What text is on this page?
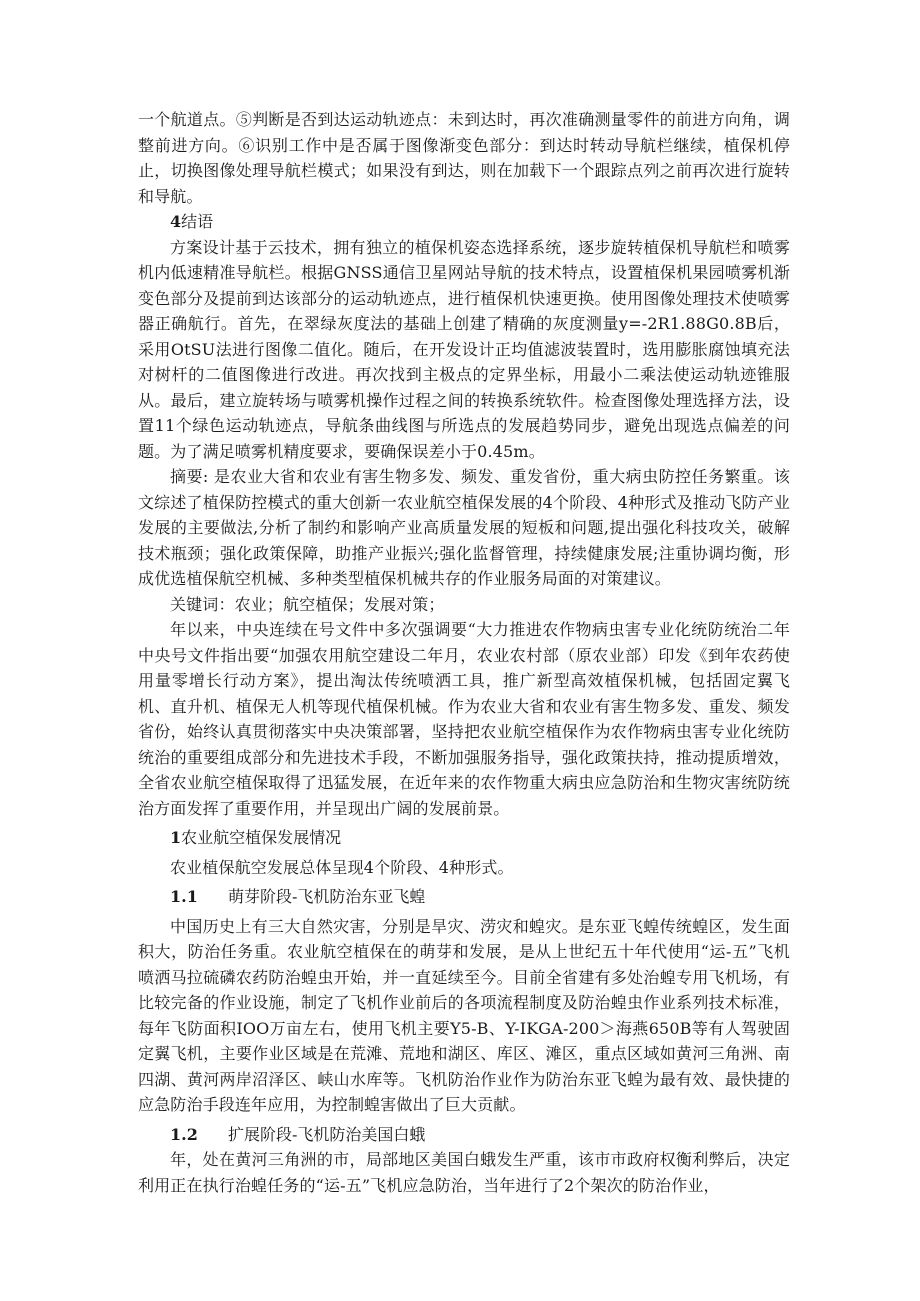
一个航道点。⑤判断是否到达运动轨迹点：未到达时，再次准确测量零件的前进方向角，调整前进方向。⑥识别工作中是否属于图像渐变色部分：到达时转动导航栏继续，植保机停止，切换图像处理导航栏模式；如果没有到达，则在加载下一个跟踪点列之前再次进行旋转和导航。

4结语

方案设计基于云技术，拥有独立的植保机姿态选择系统，逐步旋转植保机导航栏和喷雾机内低速精准导航栏。根据GNSS通信卫星网站导航的技术特点，设置植保机果园喷雾机渐变色部分及提前到达该部分的运动轨迹点，进行植保机快速更换。使用图像处理技术使喷雾器正确航行。首先，在翠绿灰度法的基础上创建了精确的灰度测量y=-2R1.88G0.8B后，采用OtSU法进行图像二值化。随后，在开发设计正均值滤波装置时，选用膨胀腐蚀填充法对树杆的二值图像进行改进。再次找到主极点的定界坐标，用最小二乘法使运动轨迹锥服从。最后，建立旋转场与喷雾机操作过程之间的转换系统软件。检查图像处理选择方法，设置11个绿色运动轨迹点，导航条曲线图与所选点的发展趋势同步，避免出现选点偏差的问题。为了满足喷雾机精度要求，要确保误差小于0.45m。

摘要: 是农业大省和农业有害生物多发、频发、重发省份，重大病虫防控任务繁重。该文综述了植保防控模式的重大创新一农业航空植保发展的4个阶段、4种形式及推动飞防产业发展的主要做法,分析了制约和影响产业高质量发展的短板和问题,提出强化科技攻关，破解技术瓶颈；强化政策保障，助推产业振兴;强化监督管理，持续健康发展;注重协调均衡，形成优选植保航空机械、多种类型植保机械共存的作业服务局面的对策建议。

关键词：农业；航空植保；发展对策；

年以来，中央连续在号文件中多次强调要“大力推进农作物病虫害专业化统防统治二年中央号文件指出要“加强农用航空建设二年月，农业农村部（原农业部）印发《到年农药使用量零增长行动方案》，提出淘汰传统喷洒工具，推广新型高效植保机械，包括固定翼飞机、直升机、植保无人机等现代植保机械。作为农业大省和农业有害生物多发、重发、频发省份，始终认真贯彻落实中央决策部署，坚持把农业航空植保作为农作物病虫害专业化统防统治的重要组成部分和先进技术手段，不断加强服务指导，强化政策扶持，推动提质增效，全省农业航空植保取得了迅猛发展，在近年来的农作物重大病虫应急防治和生物灾害统防统治方面发挥了重要作用，并呈现出广阔的发展前景。

1农业航空植保发展情况

农业植保航空发展总体呈现4个阶段、4种形式。

1.1 萌芽阶段-飞机防治东亚飞蝗

中国历史上有三大自然灾害，分别是旱灾、涝灾和蝗灾。是东亚飞蝗传统蝗区，发生面积大，防治任务重。农业航空植保在的萌芽和发展，是从上世纪五十年代使用“运-五”飞机喷洒马拉硫磷农药防治蝗虫开始，并一直延续至今。目前全省建有多处治蝗专用飞机场，有比较完备的作业设施，制定了飞机作业前后的各项流程制度及防治蝗虫作业系列技术标准，每年飞防面积IOO万亩左右，使用飞机主要Y5-B、Y-IKGA-200＞海燕650B等有人驾驶固定翼飞机，主要作业区域是在荒滩、荒地和湖区、库区、滩区，重点区域如黄河三角洲、南四湖、黄河两岸沼泽区、峡山水库等。飞机防治作业作为防治东亚飞蝗为最有效、最快捷的应急防治手段连年应用，为控制蝗害做出了巨大贡献。

1.2 扩展阶段-飞机防治美国白蛾

年，处在黄河三角洲的市，局部地区美国白蛾发生严重，该市市政府权衡利弊后，决定利用正在执行治蝗任务的“运-五”飞机应急防治，当年进行了2个架次的防治作业，
